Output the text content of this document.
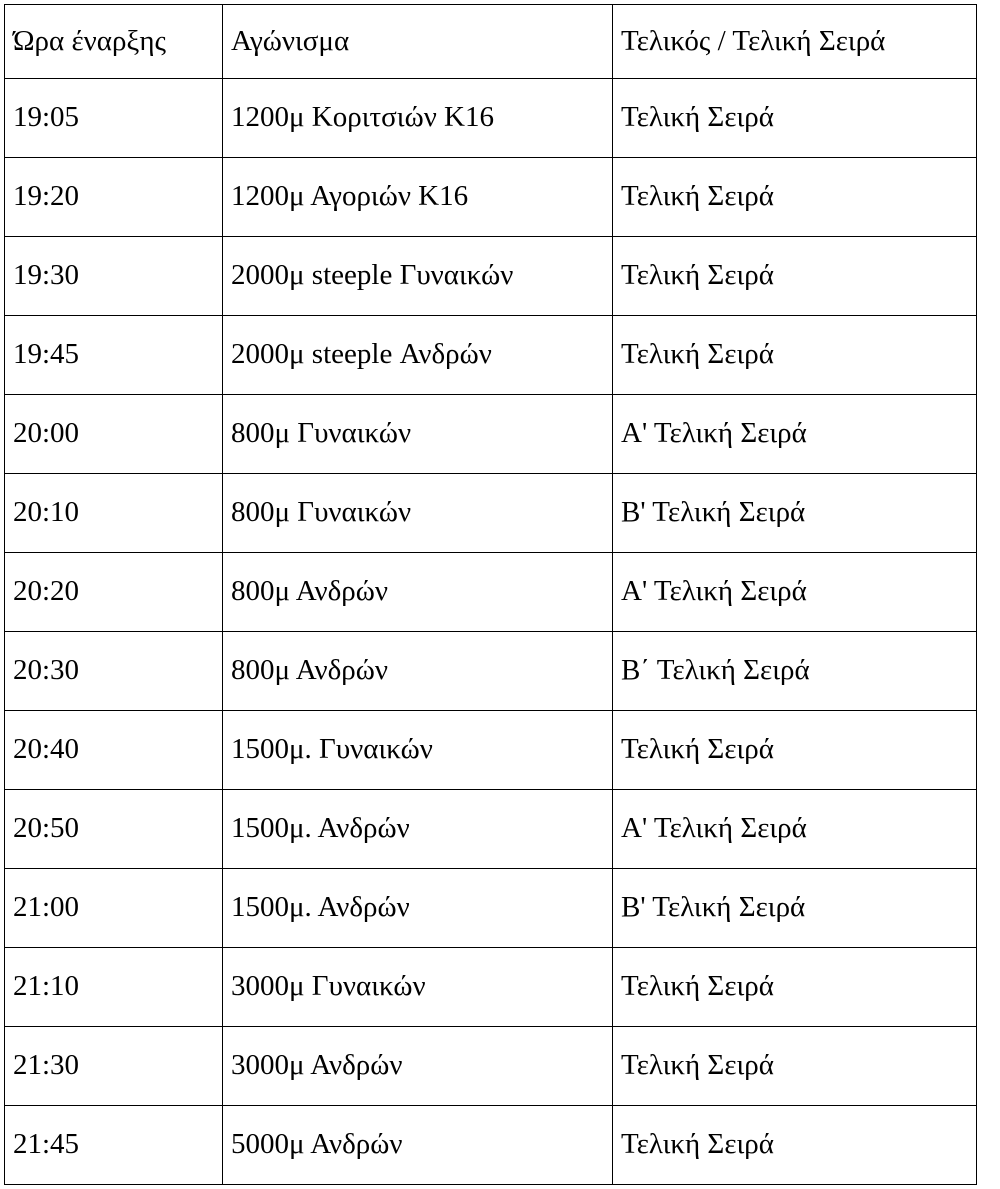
Ώρα έναρξης	Αγώνισμα	Τελικός / Τελική Σειρά
19:05	1200μ Κοριτσιών Κ16	Τελική Σειρά
19:20	1200μ Αγοριών Κ16	Τελική Σειρά
19:30	2000μ steeple Γυναικών	Τελική Σειρά
19:45	2000μ steeple Ανδρών	Τελική Σειρά
20:00	800μ Γυναικών	Α' Τελική Σειρά
20:10	800μ Γυναικών	Β' Τελική Σειρά
20:20	800μ Ανδρών	Α' Τελική Σειρά
20:30	800μ Ανδρών	Β΄ Τελική Σειρά
20:40	1500μ. Γυναικών	Τελική Σειρά
20:50	1500μ. Ανδρών	Α' Τελική Σειρά
21:00	1500μ. Ανδρών	Β' Τελική Σειρά
21:10	3000μ Γυναικών	Τελική Σειρά
21:30	3000μ Ανδρών	Τελική Σειρά
21:45	5000μ Ανδρών	Τελική Σειρά
